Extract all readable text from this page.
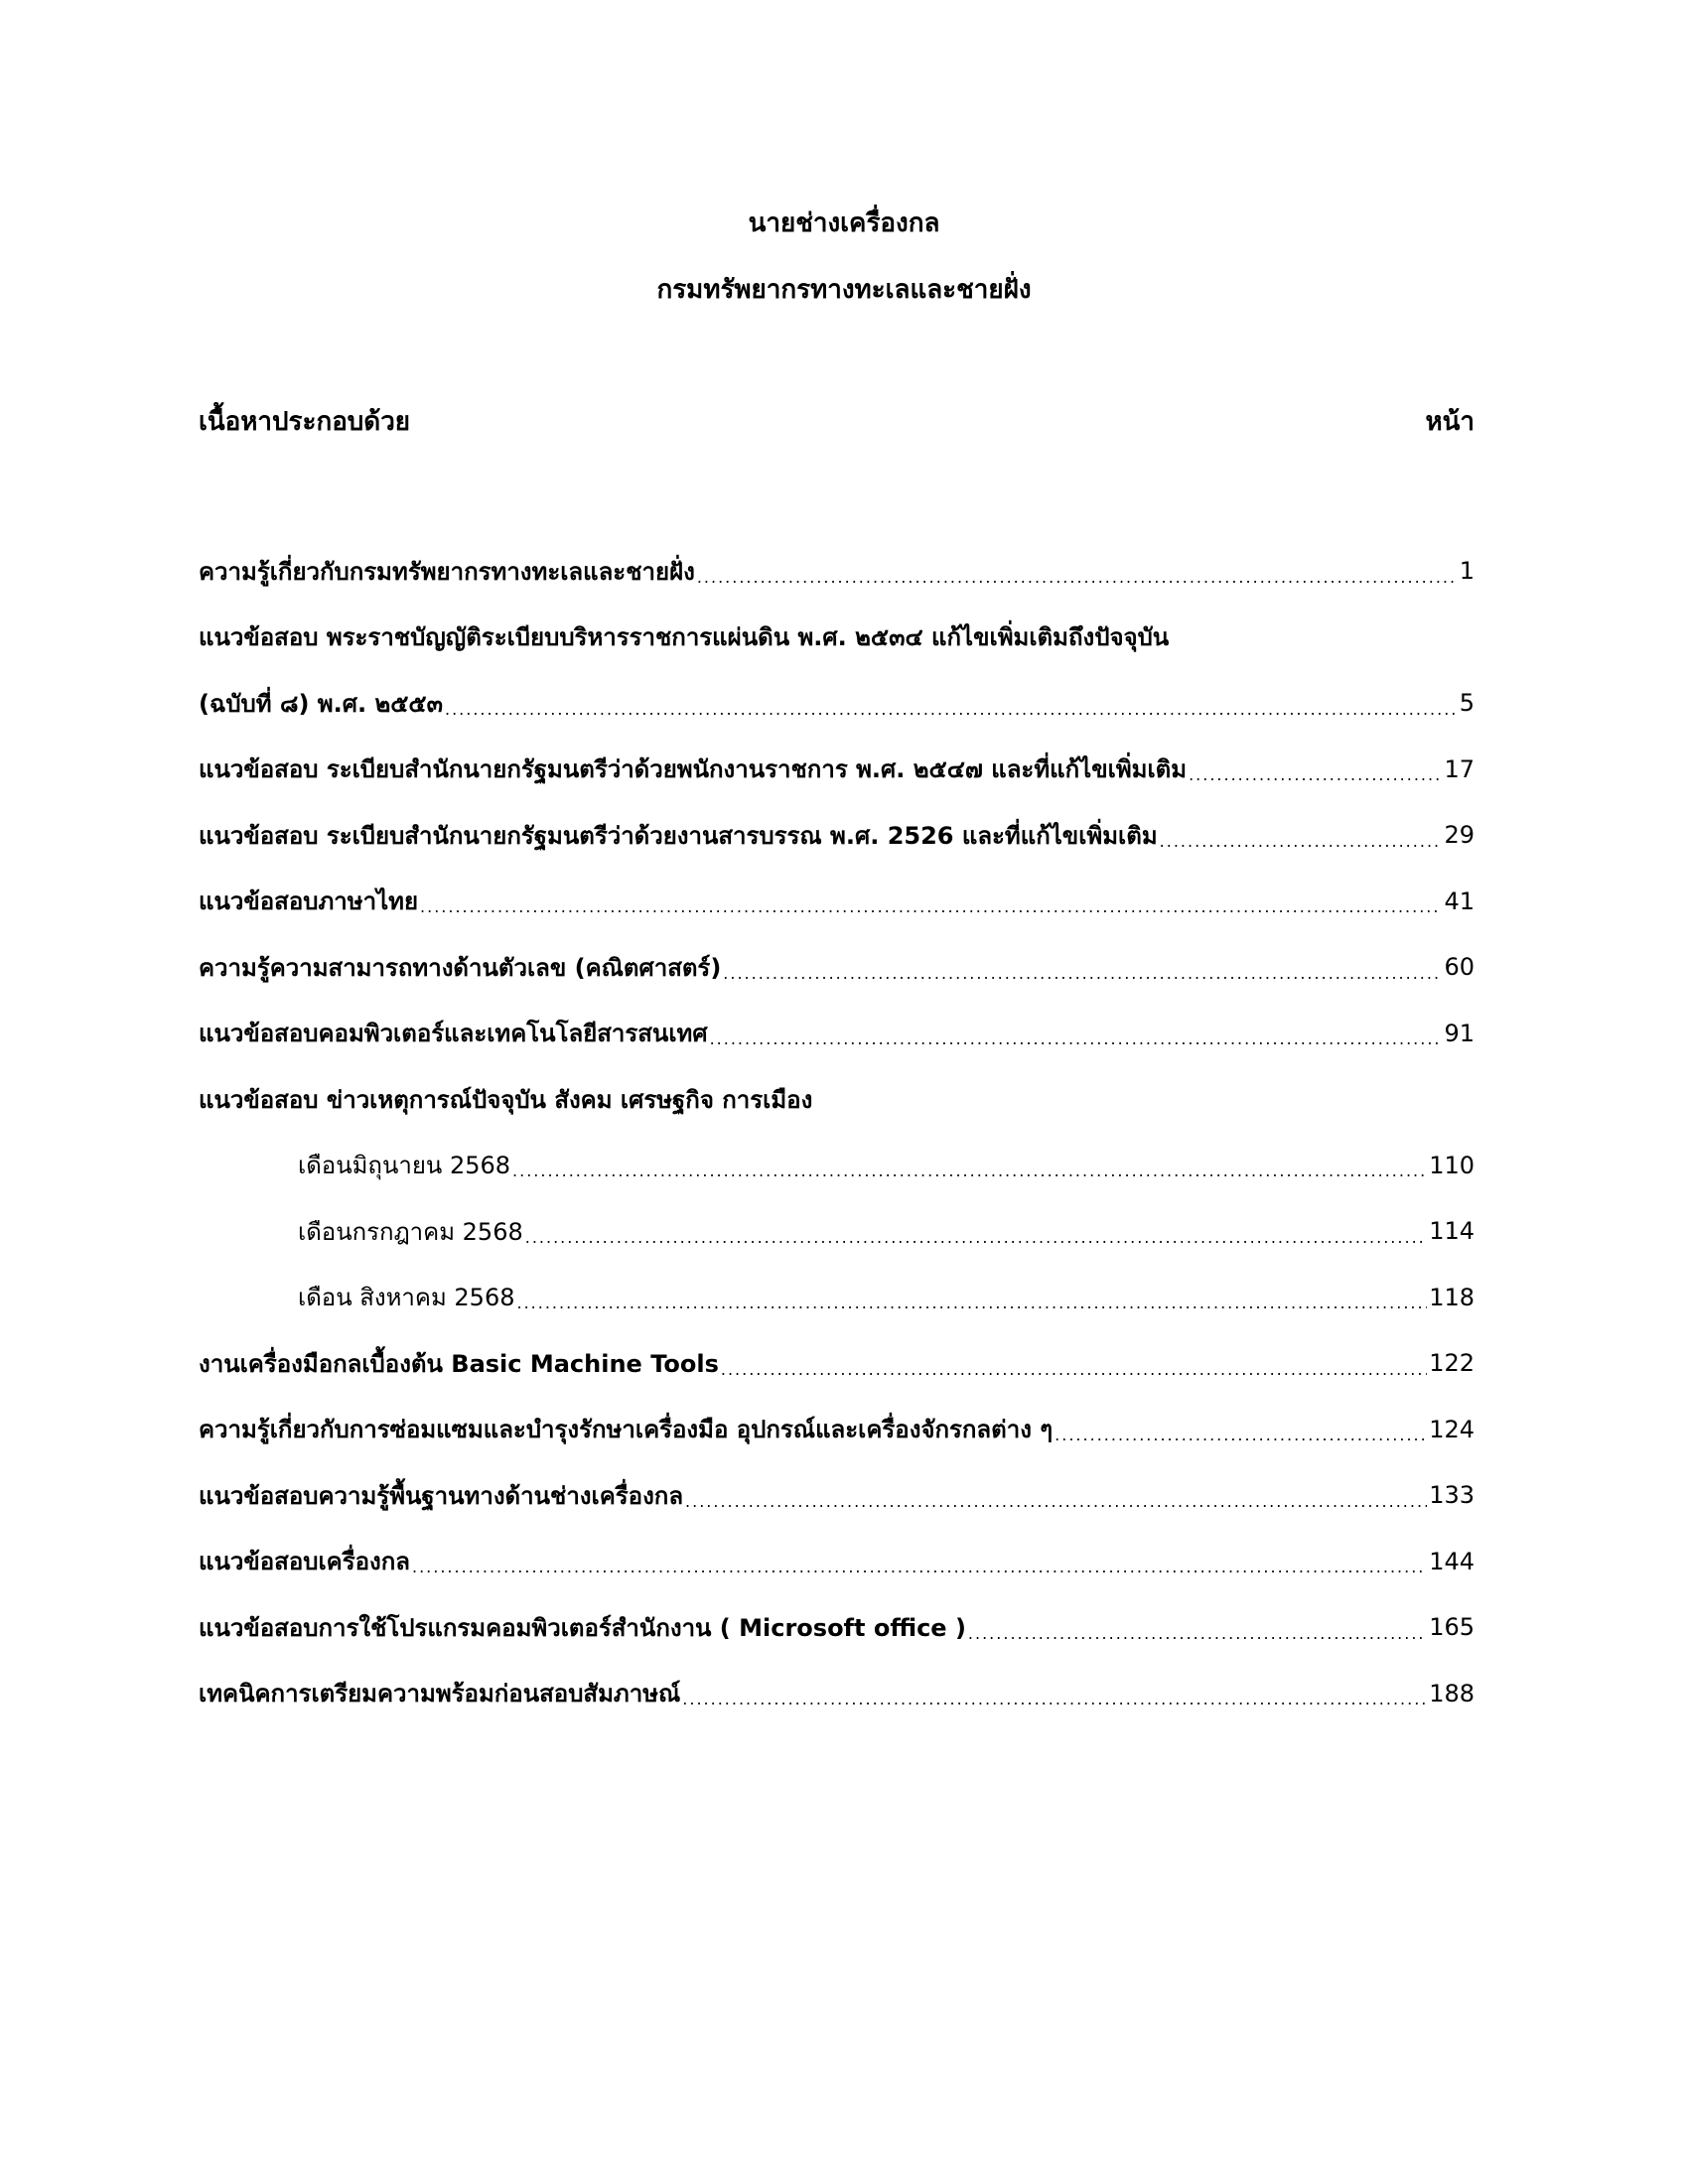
นายช่างเครื่องกล
กรมทรัพยากรทางทะเลและชายฝั่ง
เนื้อหาประกอบด้วย	หน้า
ความรู้เกี่ยวกับกรมทรัพยากรทางทะเลและชายฝั่ง .....	1
แนวข้อสอบ พระราชบัญญัติระเบียบบริหารราชการแผ่นดิน พ.ศ. ๒๕๓๔ แก้ไขเพิ่มเติมถึงปัจจุบัน
(ฉบับที่ ๘) พ.ศ. ๒๕๕๓ .....	5
แนวข้อสอบ ระเบียบสำนักนายกรัฐมนตรีว่าด้วยพนักงานราชการ พ.ศ. ๒๕๔๗ และที่แก้ไขเพิ่มเติม .....	17
แนวข้อสอบ ระเบียบสำนักนายกรัฐมนตรีว่าด้วยงานสารบรรณ พ.ศ. 2526 และที่แก้ไขเพิ่มเติม .....	29
แนวข้อสอบภาษาไทย .....	41
ความรู้ความสามารถทางด้านตัวเลข (คณิตศาสตร์) .....	60
แนวข้อสอบคอมพิวเตอร์และเทคโนโลยีสารสนเทศ .....	91
แนวข้อสอบ ข่าวเหตุการณ์ปัจจุบัน สังคม เศรษฐกิจ การเมือง
เดือนมิถุนายน 2568 .....	110
เดือนกรกฎาคม 2568 .....	114
เดือน สิงหาคม 2568 .....	118
งานเครื่องมือกลเบื้องต้น Basic Machine Tools .....	122
ความรู้เกี่ยวกับการซ่อมแซมและบำรุงรักษาเครื่องมือ อุปกรณ์และเครื่องจักรกลต่าง ๆ .....	124
แนวข้อสอบความรู้พื้นฐานทางด้านช่างเครื่องกล .....	133
แนวข้อสอบเครื่องกล .....	144
แนวข้อสอบการใช้โปรแกรมคอมพิวเตอร์สำนักงาน ( Microsoft office ) .....	165
เทคนิคการเตรียมความพร้อมก่อนสอบสัมภาษณ์ .....	188
